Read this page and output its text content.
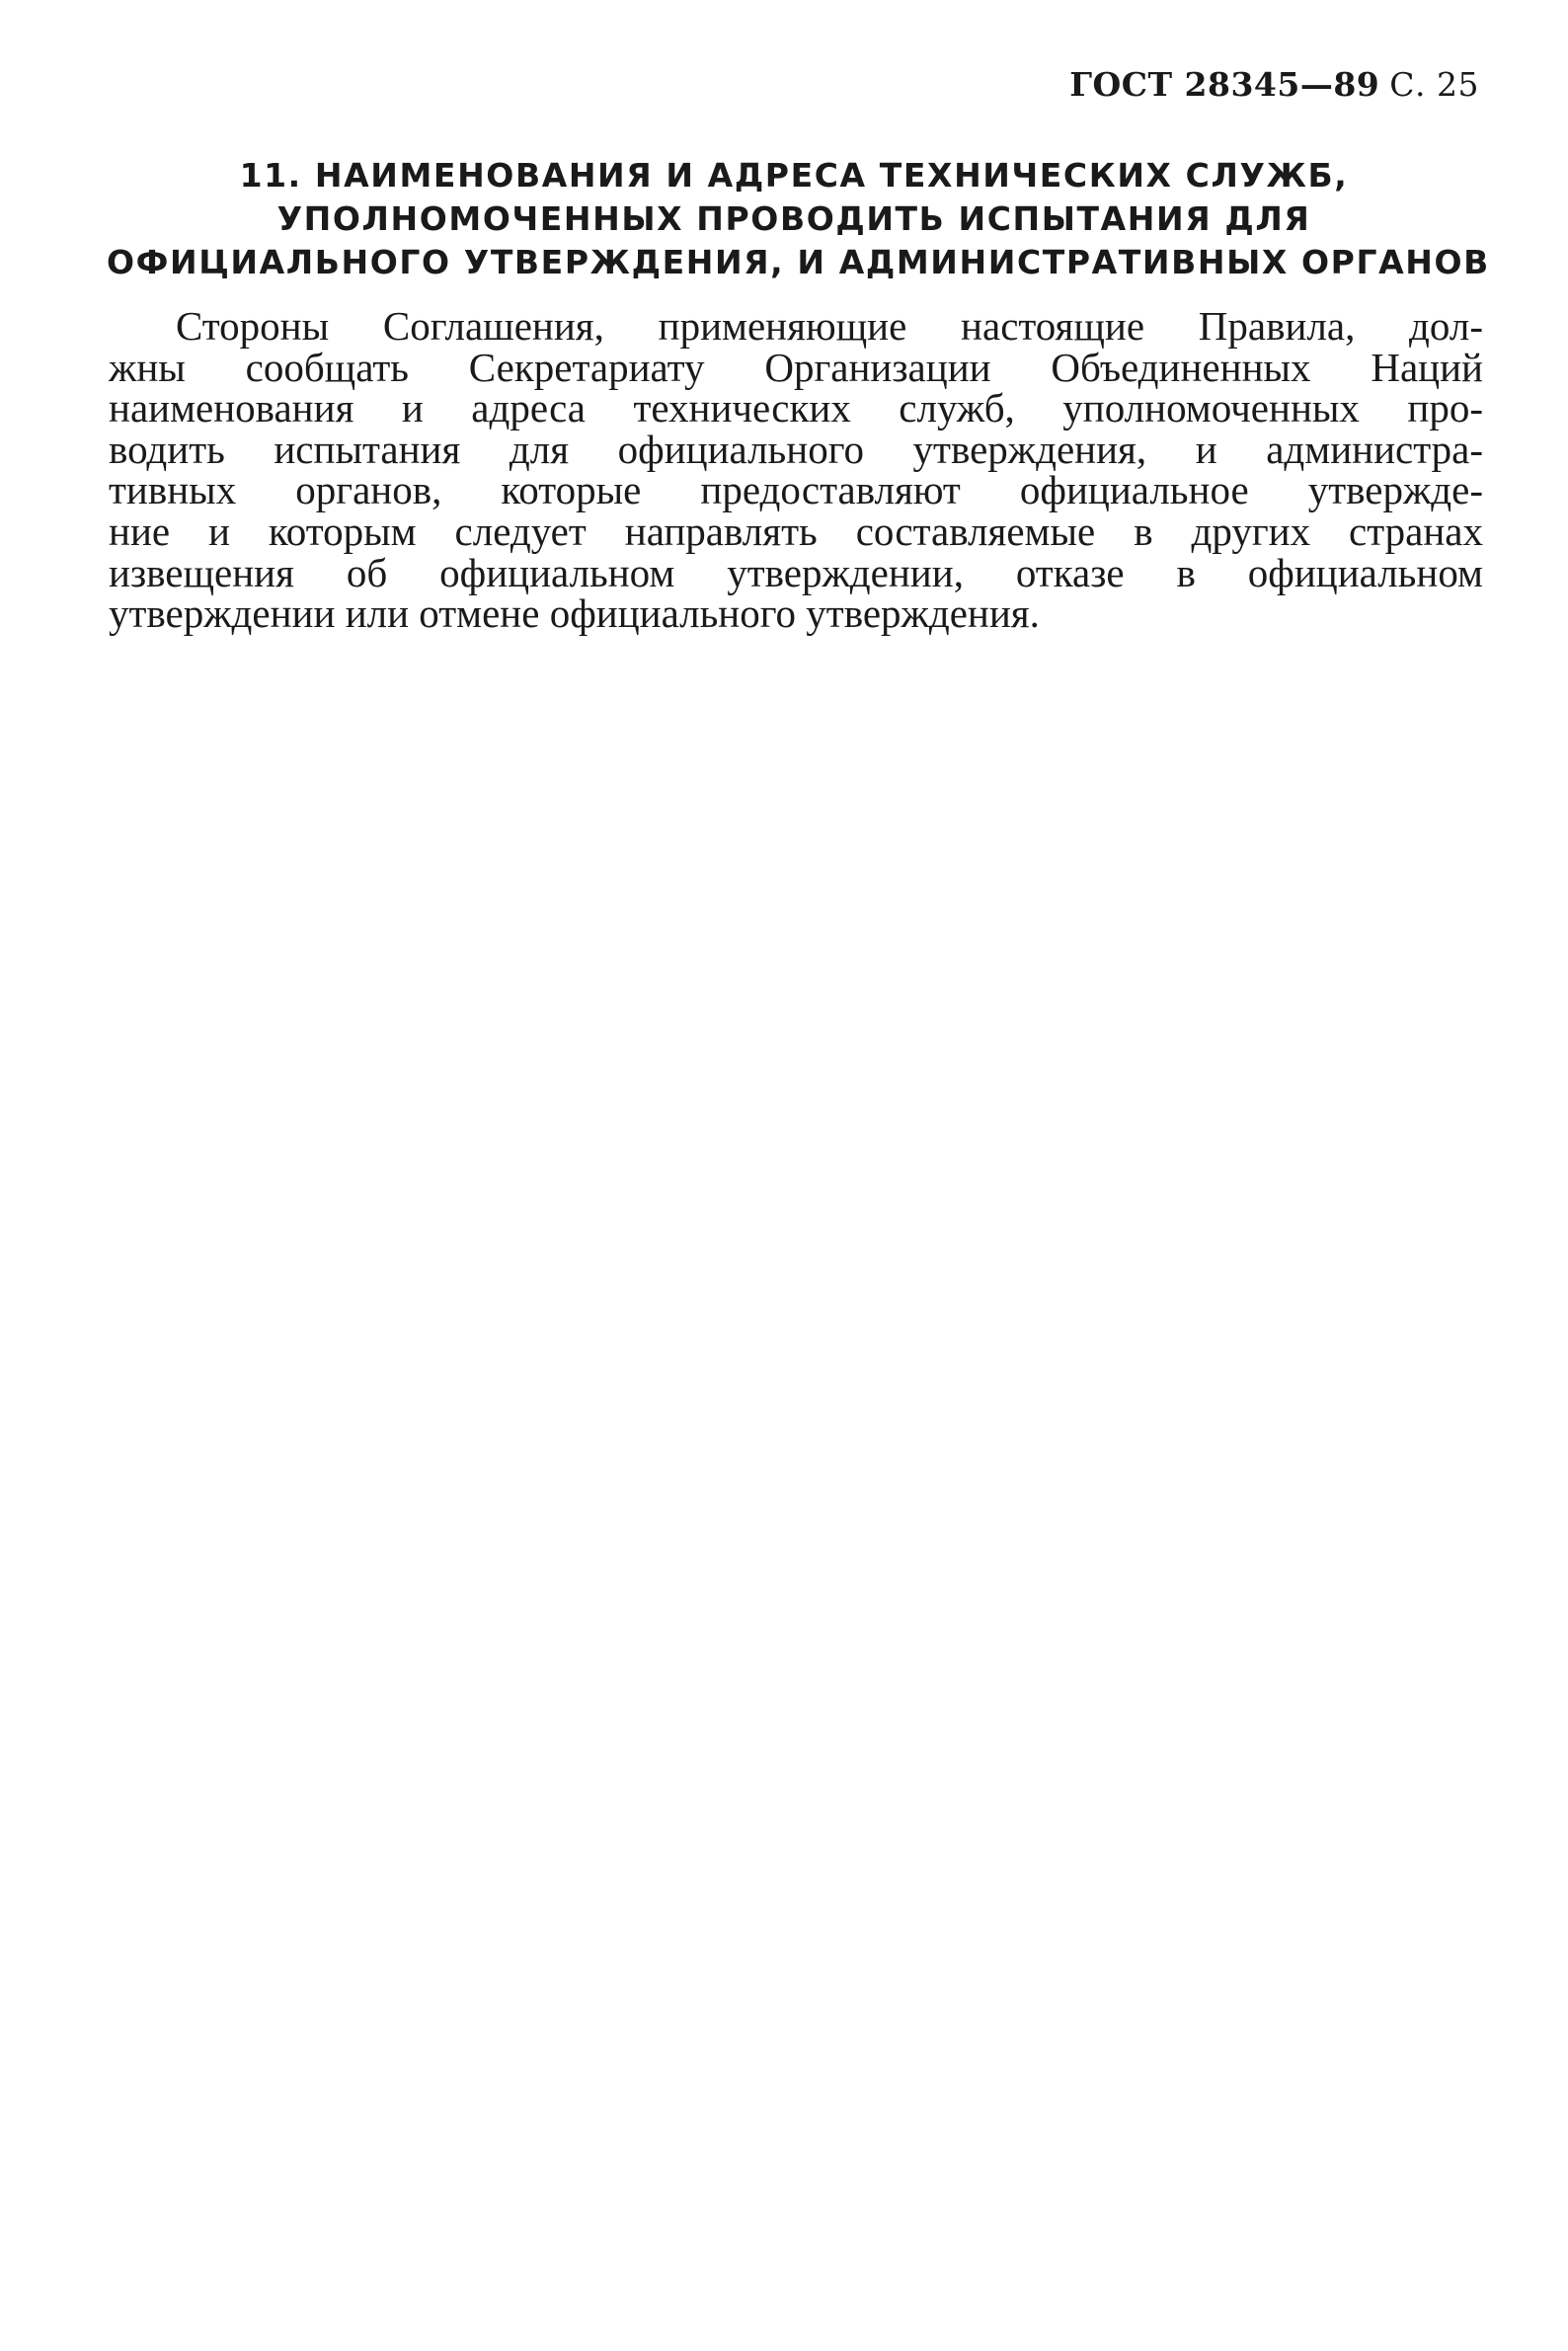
ГОСТ 28345—89 С. 25
11. НАИМЕНОВАНИЯ И АДРЕСА ТЕХНИЧЕСКИХ СЛУЖБ,
УПОЛНОМОЧЕННЫХ ПРОВОДИТЬ ИСПЫТАНИЯ ДЛЯ
ОФИЦИАЛЬНОГО УТВЕРЖДЕНИЯ, И АДМИНИСТРАТИВНЫХ ОРГАНОВ
Стороны Соглашения, применяющие настоящие Правила, дол-
жны сообщать Секретариату Организации Объединенных Наций
наименования и адреса технических служб, уполномоченных про-
водить испытания для официального утверждения, и администра-
тивных органов, которые предоставляют официальное утвержде-
ние и которым следует направлять составляемые в других странах
извещения об официальном утверждении, отказе в официальном
утверждении или отмене официального утверждения.
